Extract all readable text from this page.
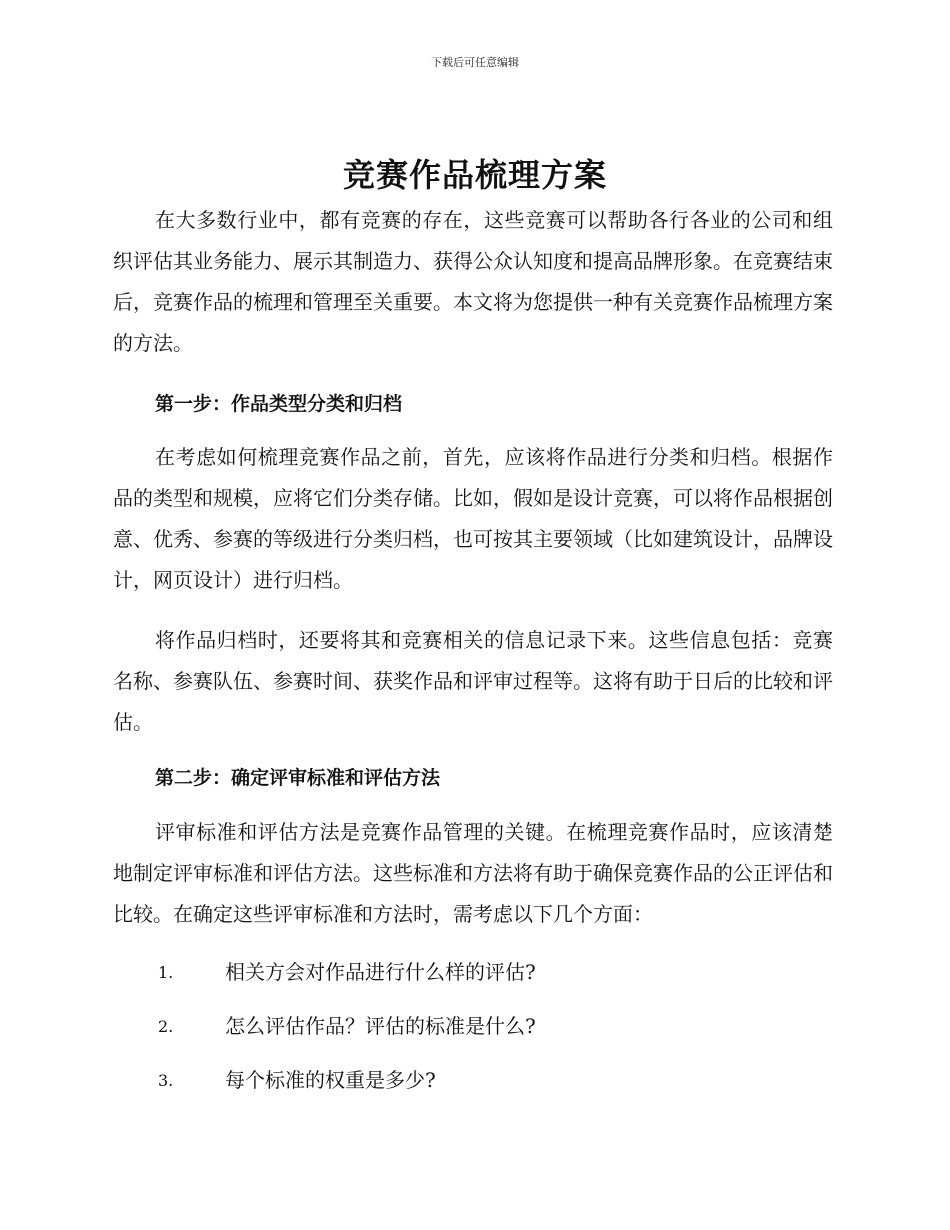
下载后可任意编辑
竞赛作品梳理方案

在大多数行业中，都有竞赛的存在，这些竞赛可以帮助各行各业的公司和组织评估其业务能力、展示其制造力、获得公众认知度和提高品牌形象。在竞赛结束后，竞赛作品的梳理和管理至关重要。本文将为您提供一种有关竞赛作品梳理方案的方法。

第一步：作品类型分类和归档

在考虑如何梳理竞赛作品之前，首先，应该将作品进行分类和归档。根据作品的类型和规模，应将它们分类存储。比如，假如是设计竞赛，可以将作品根据创意、优秀、参赛的等级进行分类归档，也可按其主要领域（比如建筑设计，品牌设计，网页设计）进行归档。

将作品归档时，还要将其和竞赛相关的信息记录下来。这些信息包括：竞赛名称、参赛队伍、参赛时间、获奖作品和评审过程等。这将有助于日后的比较和评估。

第二步：确定评审标准和评估方法

评审标准和评估方法是竞赛作品管理的关键。在梳理竞赛作品时，应该清楚地制定评审标准和评估方法。这些标准和方法将有助于确保竞赛作品的公正评估和比较。在确定这些评审标准和方法时，需考虑以下几个方面：

1.	相关方会对作品进行什么样的评估?
2.	怎么评估作品？评估的标准是什么?
3.	每个标准的权重是多少?
